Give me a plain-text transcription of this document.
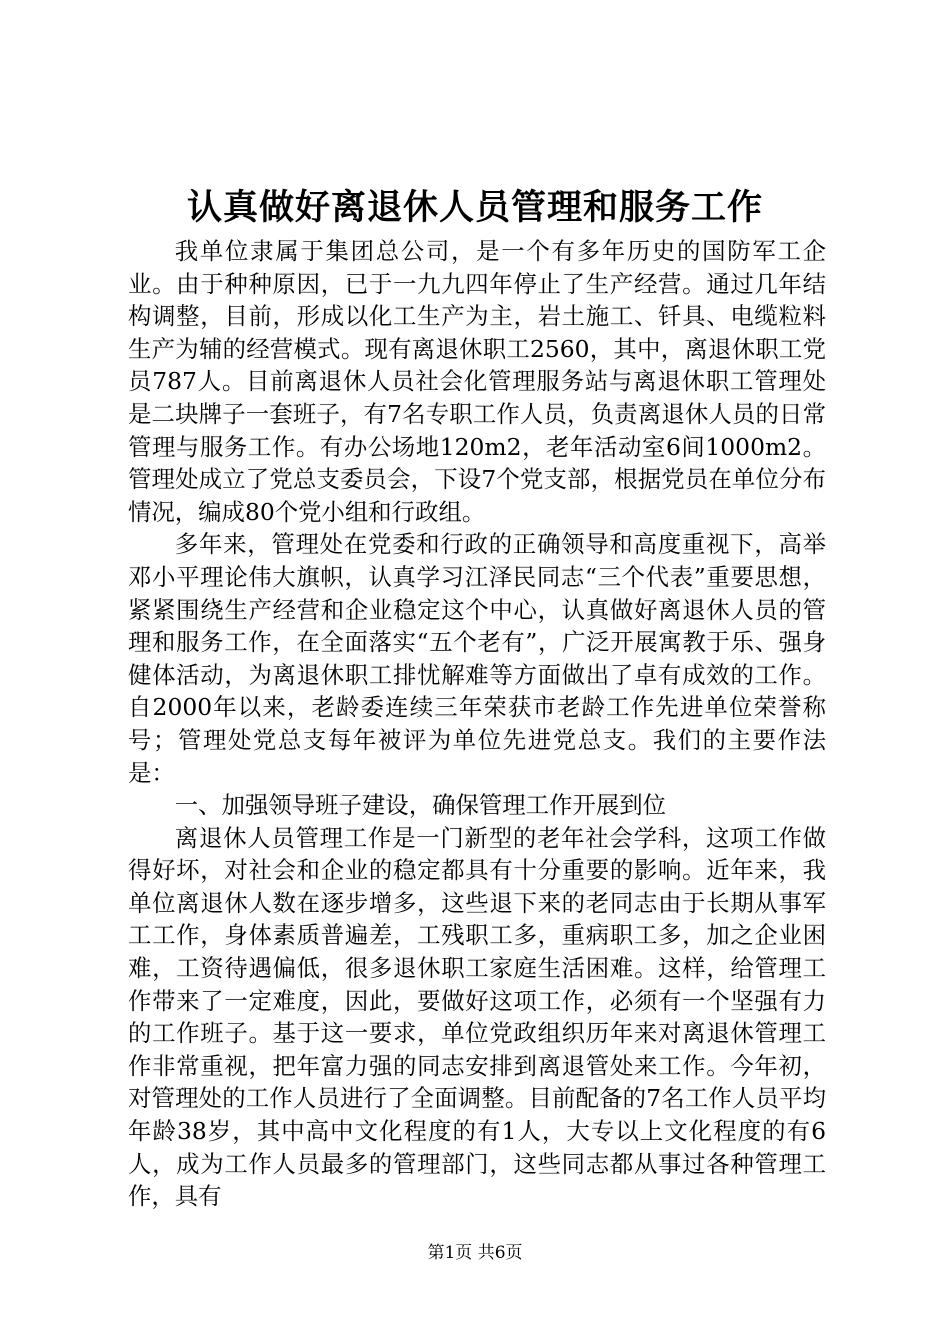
认真做好离退休人员管理和服务工作

我单位隶属于集团总公司，是一个有多年历史的国防军工企业。由于种种原因，已于一九九四年停止了生产经营。通过几年结构调整，目前，形成以化工生产为主，岩土施工、钎具、电缆粒料生产为辅的经营模式。现有离退休职工2560，其中，离退休职工党员787人。目前离退休人员社会化管理服务站与离退休职工管理处是二块牌子一套班子，有7名专职工作人员，负责离退休人员的日常管理与服务工作。有办公场地120m2，老年活动室6间1000m2。管理处成立了党总支委员会，下设7个党支部，根据党员在单位分布情况，编成80个党小组和行政组。

多年来，管理处在党委和行政的正确领导和高度重视下，高举邓小平理论伟大旗帜，认真学习江泽民同志“三个代表”重要思想，紧紧围绕生产经营和企业稳定这个中心，认真做好离退休人员的管理和服务工作，在全面落实“五个老有”，广泛开展寓教于乐、强身健体活动，为离退休职工排忧解难等方面做出了卓有成效的工作。自2000年以来，老龄委连续三年荣获市老龄工作先进单位荣誉称号；管理处党总支每年被评为单位先进党总支。我们的主要作法是：

一、加强领导班子建设，确保管理工作开展到位

离退休人员管理工作是一门新型的老年社会学科，这项工作做得好坏，对社会和企业的稳定都具有十分重要的影响。近年来，我单位离退休人数在逐步增多，这些退下来的老同志由于长期从事军工工作，身体素质普遍差，工残职工多，重病职工多，加之企业困难，工资待遇偏低，很多退休职工家庭生活困难。这样，给管理工作带来了一定难度，因此，要做好这项工作，必须有一个坚强有力的工作班子。基于这一要求，单位党政组织历年来对离退休管理工作非常重视，把年富力强的同志安排到离退管处来工作。今年初，对管理处的工作人员进行了全面调整。目前配备的7名工作人员平均年龄38岁，其中高中文化程度的有1人，大专以上文化程度的有6人，成为工作人员最多的管理部门，这些同志都从事过各种管理工作，具有

第1页 共6页
